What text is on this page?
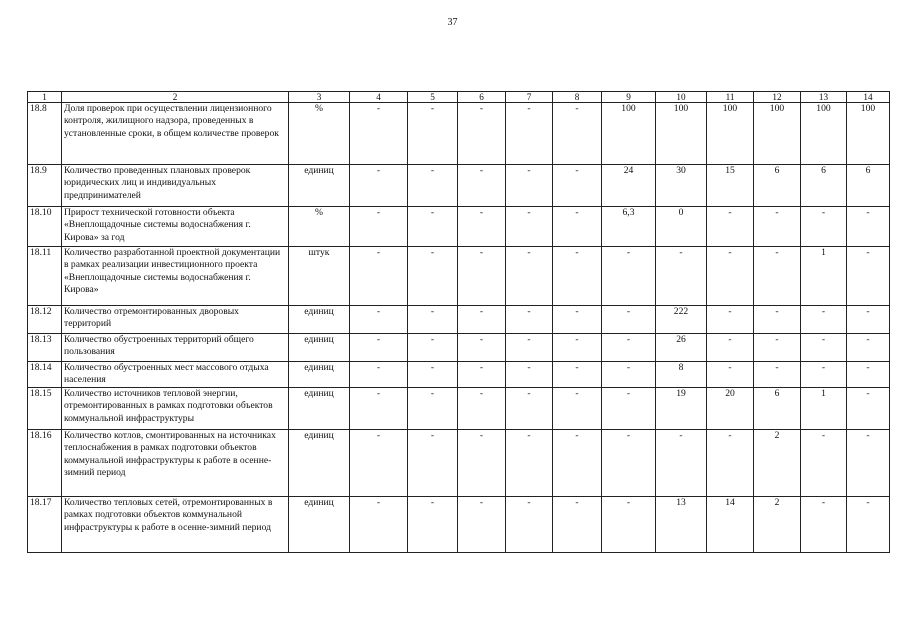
37
1	2	3	4	5	6	7	8	9	10	11	12	13	14
18.8	Доля проверок при осуществлении лицензионного контроля, жилищного надзора, проведенных в установленные сроки, в общем количестве проверок	%	-	-	-	-	-	100	100	100	100	100	100
18.9	Количество проведенных плановых проверок юридических лиц и индивидуальных предпринимателей	единиц	-	-	-	-	-	24	30	15	6	6	6
18.10	Прирост технической готовности объекта «Внеплощадочные системы водоснабжения г. Кирова» за год	%	-	-	-	-	-	6,3	0	-	-	-	-
18.11	Количество разработанной проектной документации в рамках реализации инвестиционного проекта «Внеплощадочные системы водоснабжения г. Кирова»	штук	-	-	-	-	-	-	-	-	-	1	-
18.12	Количество отремонтированных дворовых территорий	единиц	-	-	-	-	-	-	222	-	-	-	-
18.13	Количество обустроенных территорий общего пользования	единиц	-	-	-	-	-	-	26	-	-	-	-
18.14	Количество обустроенных мест массового отдыха населения	единиц	-	-	-	-	-	-	8	-	-	-	-
18.15	Количество источников тепловой энергии, отремонтированных в рамках подготовки объектов коммунальной инфраструктуры	единиц	-	-	-	-	-	-	19	20	6	1	-
18.16	Количество котлов, смонтированных на источниках теплоснабжения в рамках подготовки объектов коммунальной инфраструктуры к работе в осенне-зимний период	единиц	-	-	-	-	-	-	-	-	2	-	-
18.17	Количество тепловых сетей, отремонтированных в рамках подготовки объектов коммунальной инфраструктуры к работе в осенне-зимний период	единиц	-	-	-	-	-	-	13	14	2	-	-
